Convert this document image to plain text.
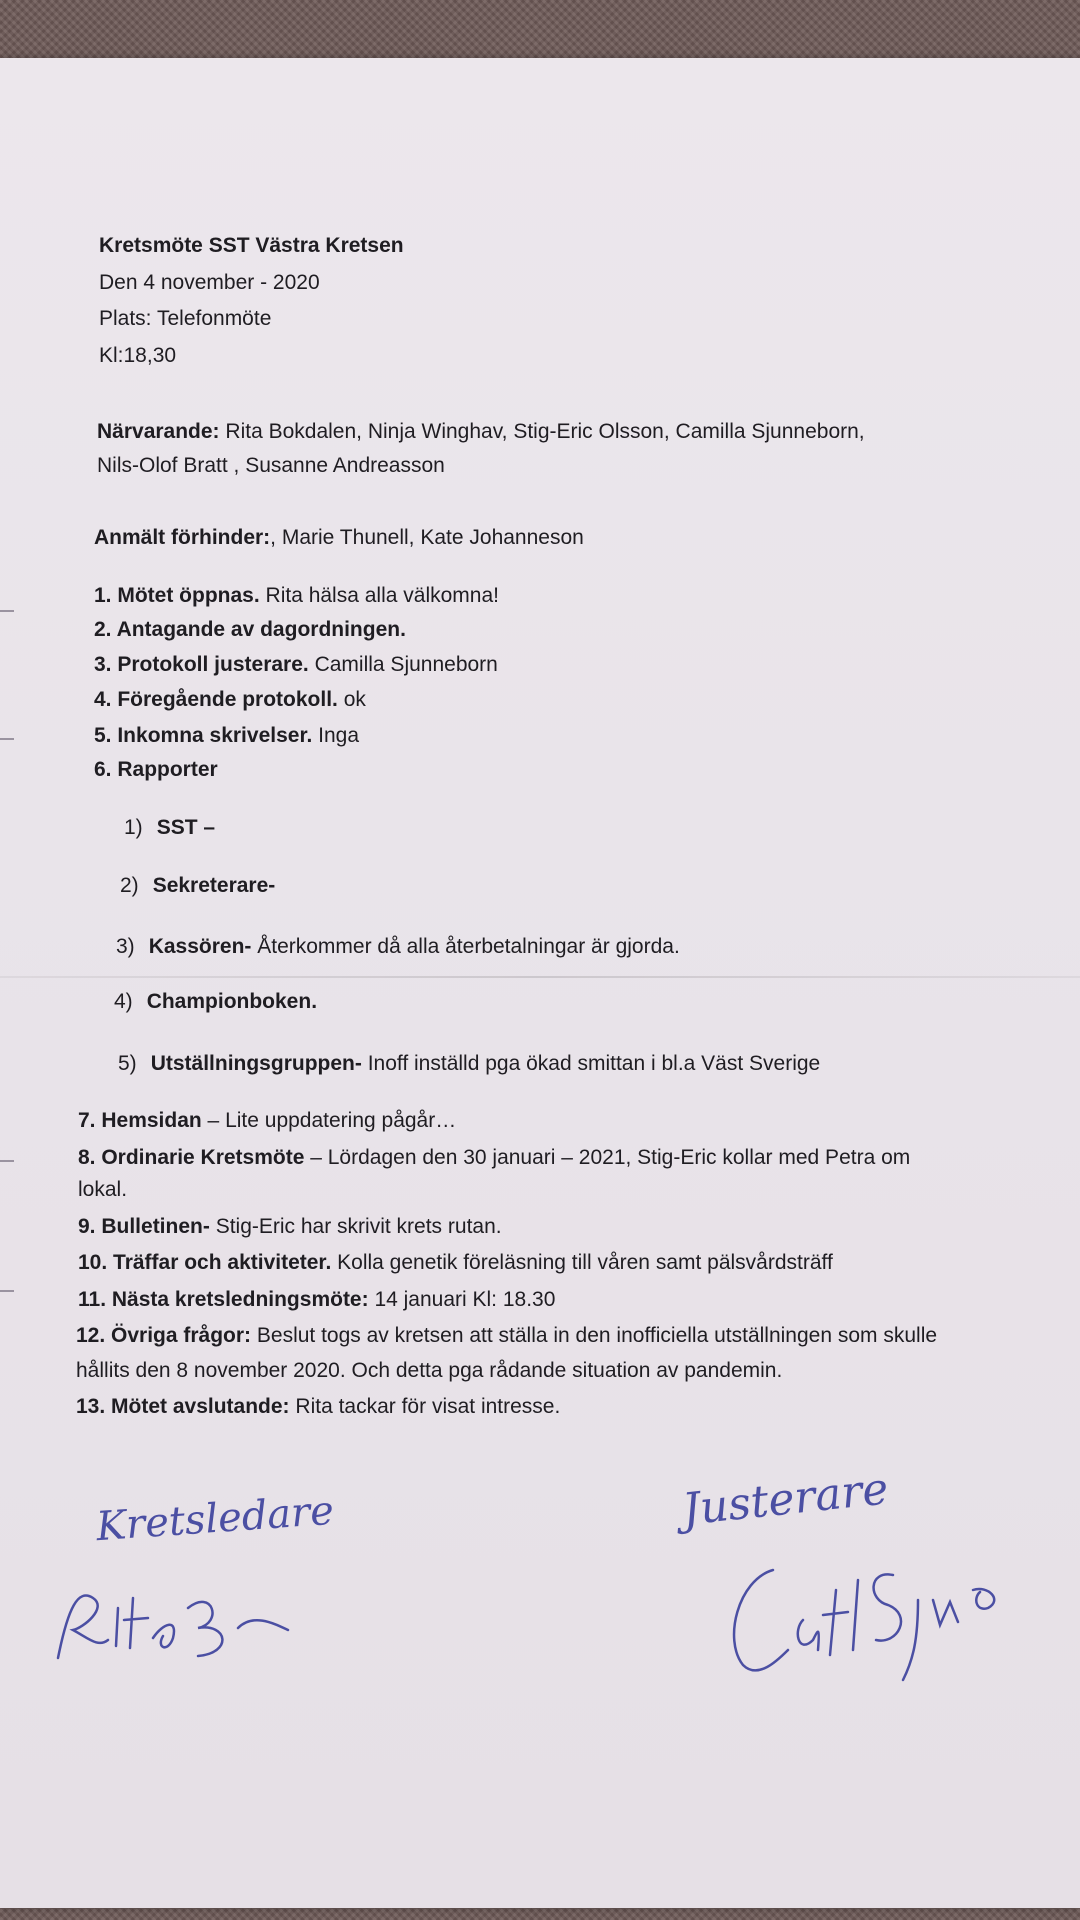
Kretsmöte SST Västra Kretsen
Den 4 november - 2020
Plats: Telefonmöte
Kl:18,30
Närvarande: Rita Bokdalen, Ninja Winghav, Stig-Eric Olsson, Camilla Sjunneborn,
Nils-Olof Bratt , Susanne Andreasson
Anmält förhinder:, Marie Thunell, Kate Johanneson
1. Mötet öppnas. Rita hälsa alla välkomna!
2. Antagande av dagordningen.
3. Protokoll justerare. Camilla Sjunneborn
4. Föregående protokoll. ok
5. Inkomna skrivelser. Inga
6. Rapporter
1) SST –
2) Sekreterare-
3) Kassören- Återkommer då alla återbetalningar är gjorda.
4) Championboken.
5) Utställningsgruppen- Inoff inställd pga ökad smittan i bl.a Väst Sverige
7. Hemsidan – Lite uppdatering pågår…
8. Ordinarie Kretsmöte – Lördagen den 30 januari – 2021, Stig-Eric kollar med Petra om
lokal.
9. Bulletinen- Stig-Eric har skrivit krets rutan.
10. Träffar och aktiviteter. Kolla genetik föreläsning till våren samt pälsvårdsträff
11. Nästa kretsledningsmöte: 14 januari Kl: 18.30
12. Övriga frågor: Beslut togs av kretsen att ställa in den inofficiella utställningen som skulle
hållits den 8 november 2020. Och detta pga rådande situation av pandemin.
13. Mötet avslutande: Rita tackar för visat intresse.
Kretsledare	Justerare
